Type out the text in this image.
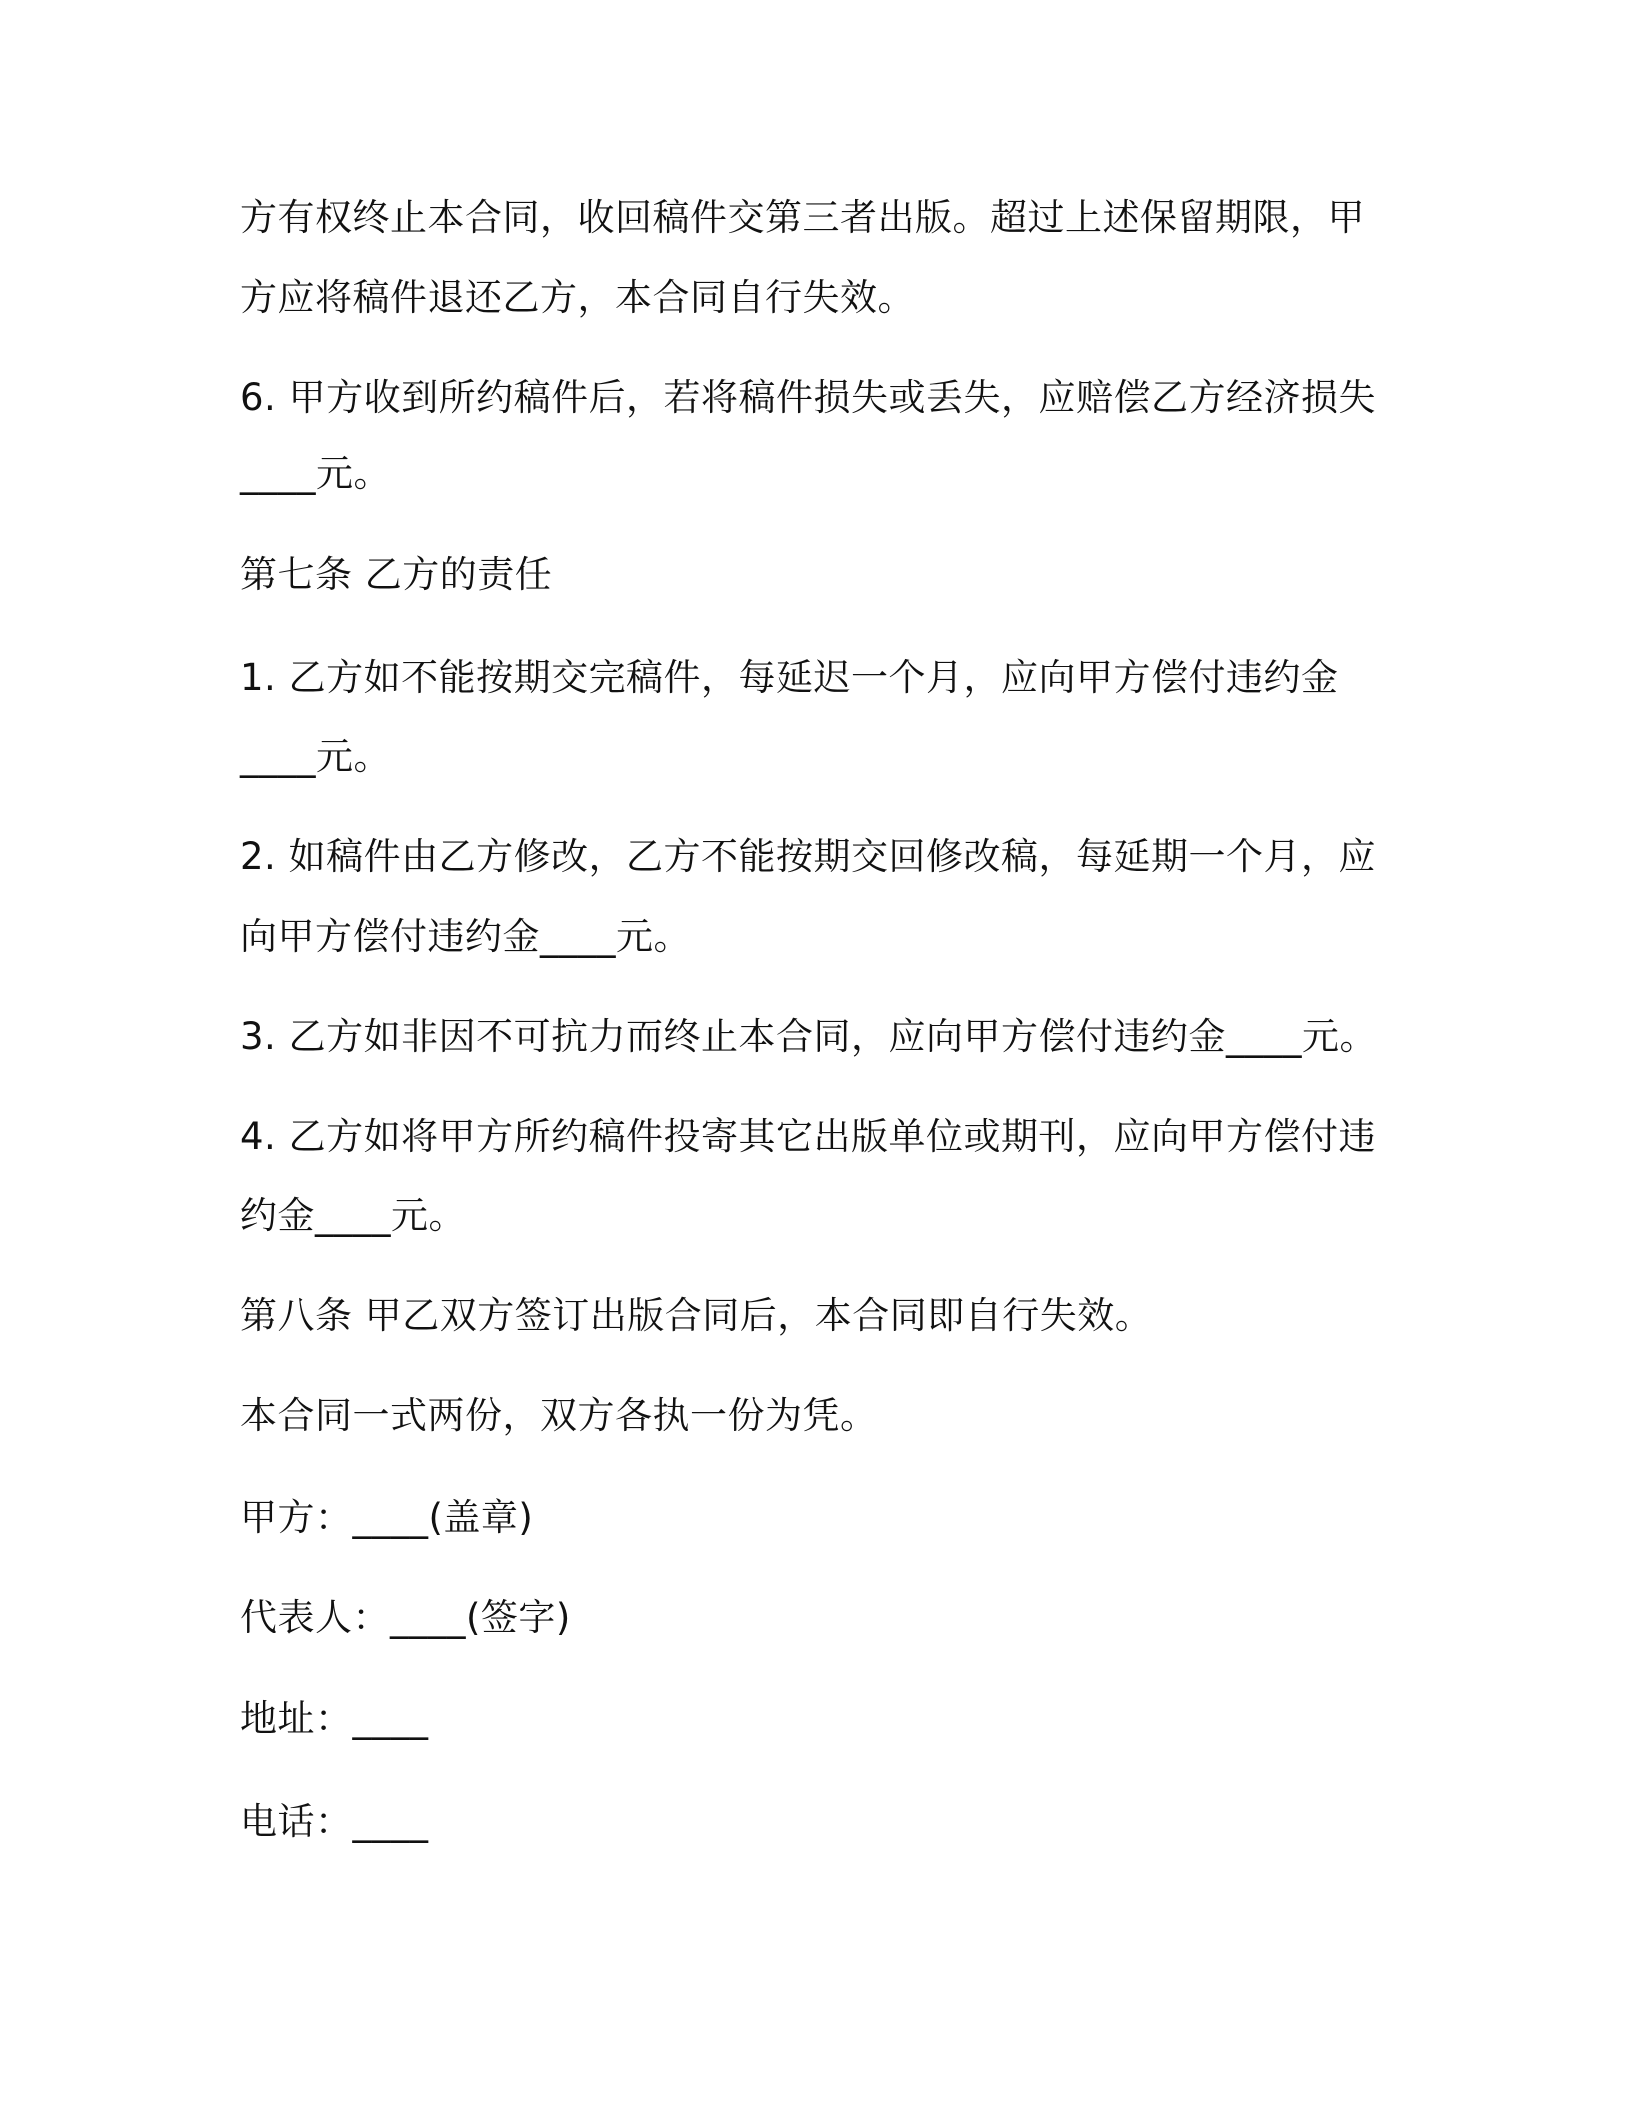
方有权终止本合同，收回稿件交第三者出版。超过上述保留期限，甲
方应将稿件退还乙方，本合同自行失效。
6. 甲方收到所约稿件后，若将稿件损失或丢失，应赔偿乙方经济损失
____元。
第七条 乙方的责任
1. 乙方如不能按期交完稿件，每延迟一个月，应向甲方偿付违约金
____元。
2. 如稿件由乙方修改，乙方不能按期交回修改稿，每延期一个月，应
向甲方偿付违约金____元。
3. 乙方如非因不可抗力而终止本合同，应向甲方偿付违约金____元。
4. 乙方如将甲方所约稿件投寄其它出版单位或期刊，应向甲方偿付违
约金____元。
第八条 甲乙双方签订出版合同后，本合同即自行失效。
本合同一式两份，双方各执一份为凭。
甲方：____(盖章)
代表人：____(签字)
地址：____
电话：____
